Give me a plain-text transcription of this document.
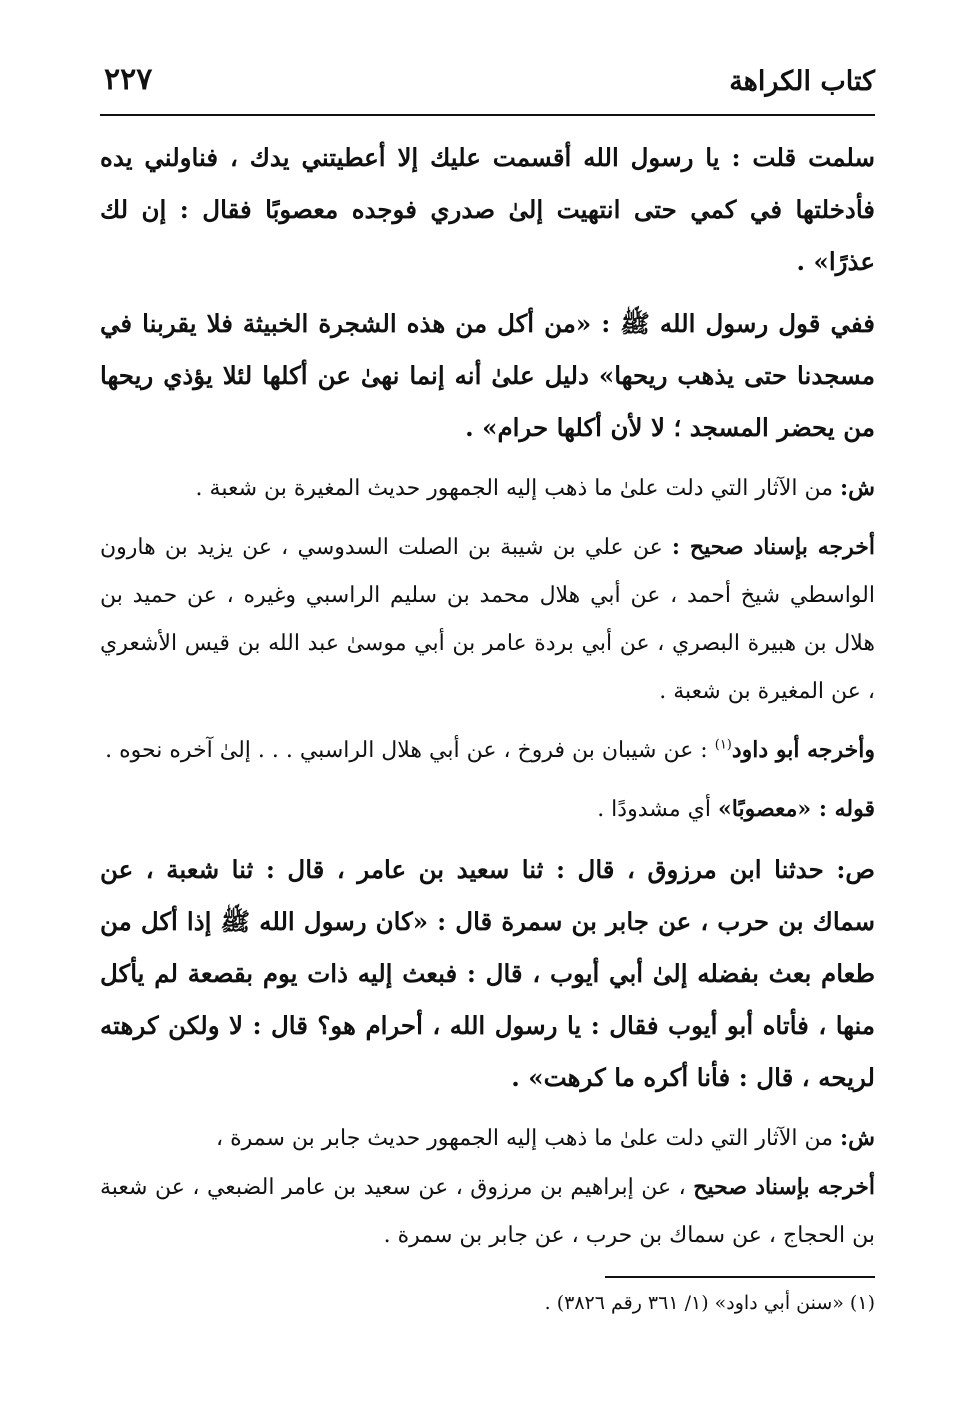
كتاب الكراهة
٢٢٧

سلمت قلت : يا رسول الله أقسمت عليك إلا أعطيتني يدك ، فناولني يده فأدخلتها في كمي حتى انتهيت إلىٰ صدري فوجده معصوبًا فقال : إن لك عذرًا» .

ففي قول رسول الله ﷺ : «من أكل من هذه الشجرة الخبيثة فلا يقربنا في مسجدنا حتى يذهب ريحها» دليل علىٰ أنه إنما نهىٰ عن أكلها لئلا يؤذي ريحها من يحضر المسجد ؛ لا لأن أكلها حرام» .

ش: من الآثار التي دلت علىٰ ما ذهب إليه الجمهور حديث المغيرة بن شعبة .

أخرجه بإسناد صحيح : عن علي بن شيبة بن الصلت السدوسي ، عن يزيد بن هارون الواسطي شيخ أحمد ، عن أبي هلال محمد بن سليم الراسبي وغيره ، عن حميد بن هلال بن هبيرة البصري ، عن أبي بردة عامر بن أبي موسىٰ عبد الله بن قيس الأشعري ، عن المغيرة بن شعبة .

وأخرجه أبو داود$^{(١)}$ : عن شيبان بن فروخ ، عن أبي هلال الراسبي . . . إلىٰ آخره نحوه .

قوله : «معصوبًا» أي مشدودًا .

ص: حدثنا ابن مرزوق ، قال : ثنا سعيد بن عامر ، قال : ثنا شعبة ، عن سماك بن حرب ، عن جابر بن سمرة قال : «كان رسول الله ﷺ إذا أكل من طعام بعث بفضله إلىٰ أبي أيوب ، قال : فبعث إليه ذات يوم بقصعة لم يأكل منها ، فأتاه أبو أيوب فقال : يا رسول الله ، أحرام هو؟ قال : لا ولكن كرهته لريحه ، قال : فأنا أكره ما كرهت» .

ش: من الآثار التي دلت علىٰ ما ذهب إليه الجمهور حديث جابر بن سمرة ،
أخرجه بإسناد صحيح ، عن إبراهيم بن مرزوق ، عن سعيد بن عامر الضبعي ، عن شعبة بن الحجاج ، عن سماك بن حرب ، عن جابر بن سمرة .

(١) «سنن أبي داود» (١/ ٣٦١ رقم ٣٨٢٦) .
